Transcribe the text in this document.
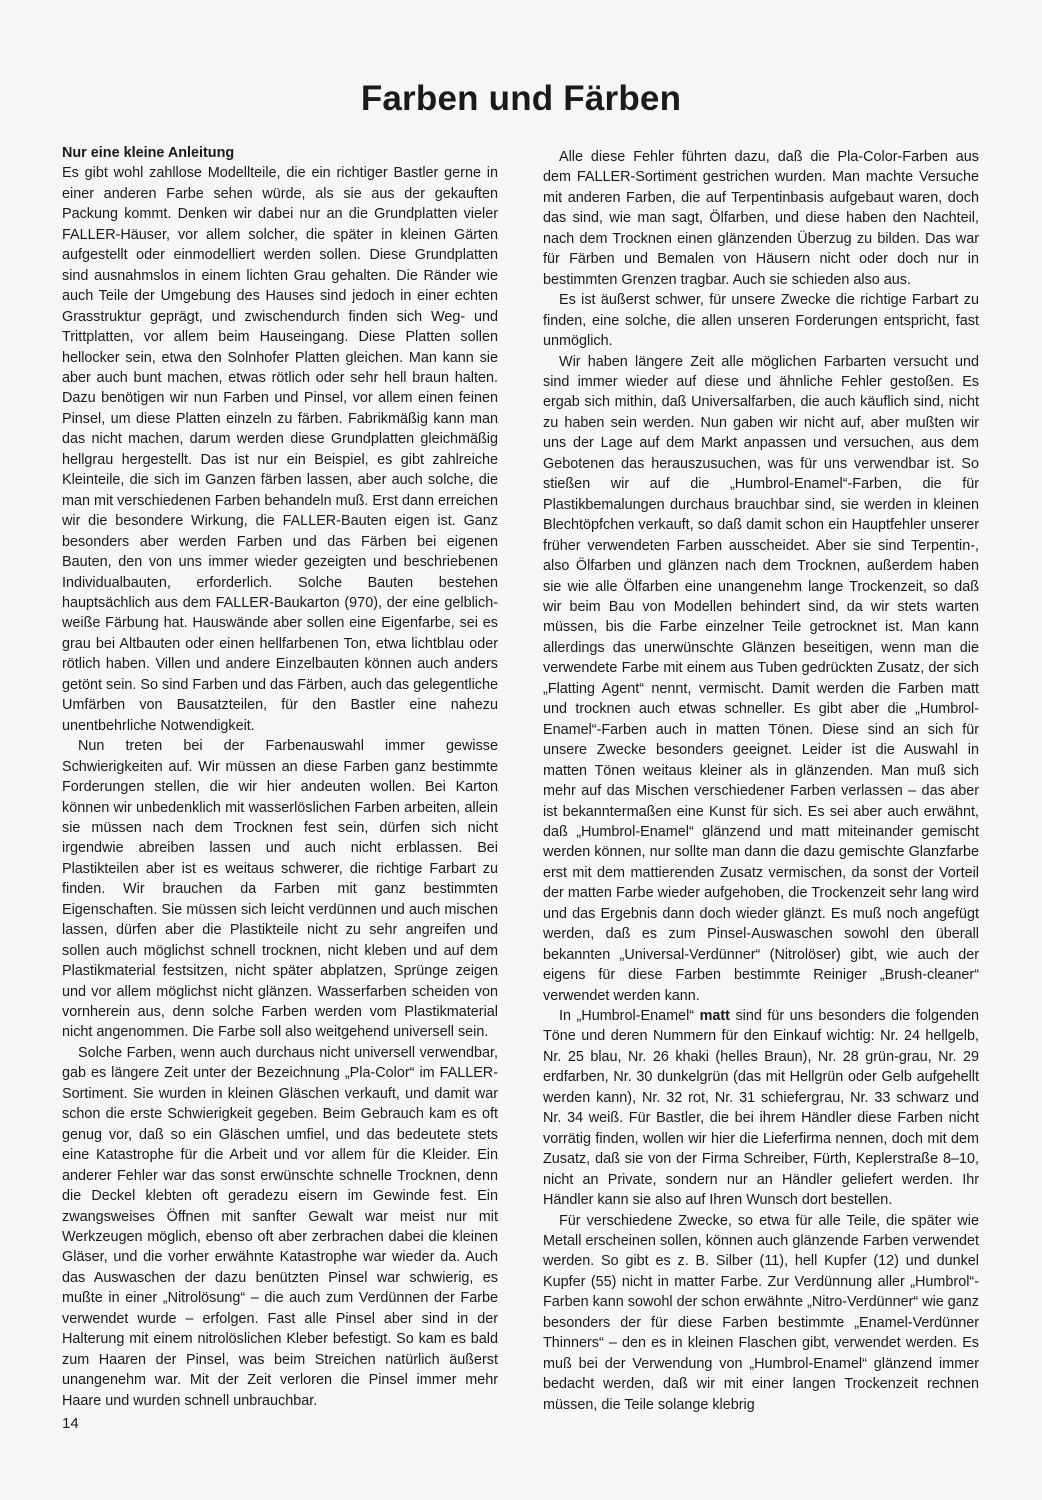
Farben und Färben
Nur eine kleine Anleitung

Es gibt wohl zahllose Modellteile, die ein richtiger Bastler gerne in einer anderen Farbe sehen würde, als sie aus der gekauften Packung kommt. Denken wir dabei nur an die Grundplatten vieler FALLER-Häuser, vor allem solcher, die später in kleinen Gärten aufgestellt oder einmodelliert werden sollen. Diese Grundplatten sind ausnahmslos in einem lichten Grau gehalten. Die Ränder wie auch Teile der Umgebung des Hauses sind jedoch in einer echten Grasstruktur geprägt, und zwischendurch finden sich Weg- und Trittplatten, vor allem beim Hauseingang. Diese Platten sollen hellocker sein, etwa den Solnhofer Platten gleichen. Man kann sie aber auch bunt machen, etwas rötlich oder sehr hell braun halten. Dazu benötigen wir nun Farben und Pinsel, vor allem einen feinen Pinsel, um diese Platten einzeln zu färben. Fabrikmäßig kann man das nicht machen, darum werden diese Grundplatten gleichmäßig hellgrau hergestellt. Das ist nur ein Beispiel, es gibt zahlreiche Kleinteile, die sich im Ganzen färben lassen, aber auch solche, die man mit verschiedenen Farben behandeln muß. Erst dann erreichen wir die besondere Wirkung, die FALLER-Bauten eigen ist. Ganz besonders aber werden Farben und das Färben bei eigenen Bauten, den von uns immer wieder gezeigten und beschriebenen Individualbauten, erforderlich. Solche Bauten bestehen hauptsächlich aus dem FALLER-Baukarton (970), der eine gelblich-weiße Färbung hat. Hauswände aber sollen eine Eigenfarbe, sei es grau bei Altbauten oder einen hellfarbenen Ton, etwa lichtblau oder rötlich haben. Villen und andere Einzelbauten können auch anders getönt sein. So sind Farben und das Färben, auch das gelegentliche Umfärben von Bausatzteilen, für den Bastler eine nahezu unentbehrliche Notwendigkeit.

Nun treten bei der Farbenauswahl immer gewisse Schwierigkeiten auf. Wir müssen an diese Farben ganz bestimmte Forderungen stellen, die wir hier andeuten wollen. Bei Karton können wir unbedenklich mit wasserlöslichen Farben arbeiten, allein sie müssen nach dem Trocknen fest sein, dürfen sich nicht irgendwie abreiben lassen und auch nicht erblassen. Bei Plastikteilen aber ist es weitaus schwerer, die richtige Farbart zu finden. Wir brauchen da Farben mit ganz bestimmten Eigenschaften. Sie müssen sich leicht verdünnen und auch mischen lassen, dürfen aber die Plastikteile nicht zu sehr angreifen und sollen auch möglichst schnell trocknen, nicht kleben und auf dem Plastikmaterial festsitzen, nicht später abplatzen, Sprünge zeigen und vor allem möglichst nicht glänzen. Wasserfarben scheiden von vornherein aus, denn solche Farben werden vom Plastikmaterial nicht angenommen. Die Farbe soll also weitgehend universell sein.

Solche Farben, wenn auch durchaus nicht universell verwendbar, gab es längere Zeit unter der Bezeichnung „Pla-Color“ im FALLER-Sortiment. Sie wurden in kleinen Gläschen verkauft, und damit war schon die erste Schwierigkeit gegeben. Beim Gebrauch kam es oft genug vor, daß so ein Gläschen umfiel, und das bedeutete stets eine Katastrophe für die Arbeit und vor allem für die Kleider. Ein anderer Fehler war das sonst erwünschte schnelle Trocknen, denn die Deckel klebten oft geradezu eisern im Gewinde fest. Ein zwangsweises Öffnen mit sanfter Gewalt war meist nur mit Werkzeugen möglich, ebenso oft aber zerbrachen dabei die kleinen Gläser, und die vorher erwähnte Katastrophe war wieder da. Auch das Auswaschen der dazu benützten Pinsel war schwierig, es mußte in einer „Nitrolösung“ – die auch zum Verdünnen der Farbe verwendet wurde – erfolgen. Fast alle Pinsel aber sind in der Halterung mit einem nitrolöslichen Kleber befestigt. So kam es bald zum Haaren der Pinsel, was beim Streichen natürlich äußerst unangenehm war. Mit der Zeit verloren die Pinsel immer mehr Haare und wurden schnell unbrauchbar.

Alle diese Fehler führten dazu, daß die Pla-Color-Farben aus dem FALLER-Sortiment gestrichen wurden. Man machte Versuche mit anderen Farben, die auf Terpentinbasis aufgebaut waren, doch das sind, wie man sagt, Ölfarben, und diese haben den Nachteil, nach dem Trocknen einen glänzenden Überzug zu bilden. Das war für Färben und Bemalen von Häusern nicht oder doch nur in bestimmten Grenzen tragbar. Auch sie schieden also aus.

Es ist äußerst schwer, für unsere Zwecke die richtige Farbart zu finden, eine solche, die allen unseren Forderungen entspricht, fast unmöglich.

Wir haben längere Zeit alle möglichen Farbarten versucht und sind immer wieder auf diese und ähnliche Fehler gestoßen. Es ergab sich mithin, daß Universalfarben, die auch käuflich sind, nicht zu haben sein werden. Nun gaben wir nicht auf, aber mußten wir uns der Lage auf dem Markt anpassen und versuchen, aus dem Gebotenen das herauszusuchen, was für uns verwendbar ist. So stießen wir auf die „Humbrol-Enamel“-Farben, die für Plastikbemalungen durchaus brauchbar sind, sie werden in kleinen Blechtöpfchen verkauft, so daß damit schon ein Hauptfehler unserer früher verwendeten Farben ausscheidet. Aber sie sind Terpentin-, also Ölfarben und glänzen nach dem Trocknen, außerdem haben sie wie alle Ölfarben eine unangenehm lange Trockenzeit, so daß wir beim Bau von Modellen behindert sind, da wir stets warten müssen, bis die Farbe einzelner Teile getrocknet ist. Man kann allerdings das unerwünschte Glänzen beseitigen, wenn man die verwendete Farbe mit einem aus Tuben gedrückten Zusatz, der sich „Flatting Agent“ nennt, vermischt. Damit werden die Farben matt und trocknen auch etwas schneller. Es gibt aber die „Humbrol-Enamel“-Farben auch in matten Tönen. Diese sind an sich für unsere Zwecke besonders geeignet. Leider ist die Auswahl in matten Tönen weitaus kleiner als in glänzenden. Man muß sich mehr auf das Mischen verschiedener Farben verlassen – das aber ist bekanntermaßen eine Kunst für sich. Es sei aber auch erwähnt, daß „Humbrol-Enamel“ glänzend und matt miteinander gemischt werden können, nur sollte man dann die dazu gemischte Glanzfarbe erst mit dem mattierenden Zusatz vermischen, da sonst der Vorteil der matten Farbe wieder aufgehoben, die Trockenzeit sehr lang wird und das Ergebnis dann doch wieder glänzt. Es muß noch angefügt werden, daß es zum Pinsel-Auswaschen sowohl den überall bekannten „Universal-Verdünner“ (Nitrolöser) gibt, wie auch der eigens für diese Farben bestimmte Reiniger „Brush-cleaner“ verwendet werden kann.

In „Humbrol-Enamel“ matt sind für uns besonders die folgenden Töne und deren Nummern für den Einkauf wichtig: Nr. 24 hellgelb, Nr. 25 blau, Nr. 26 khaki (helles Braun), Nr. 28 grün-grau, Nr. 29 erdfarben, Nr. 30 dunkelgrün (das mit Hellgrün oder Gelb aufgehellt werden kann), Nr. 32 rot, Nr. 31 schiefergrau, Nr. 33 schwarz und Nr. 34 weiß. Für Bastler, die bei ihrem Händler diese Farben nicht vorrätig finden, wollen wir hier die Lieferfirma nennen, doch mit dem Zusatz, daß sie von der Firma Schreiber, Fürth, Keplerstraße 8–10, nicht an Private, sondern nur an Händler geliefert werden. Ihr Händler kann sie also auf Ihren Wunsch dort bestellen.

Für verschiedene Zwecke, so etwa für alle Teile, die später wie Metall erscheinen sollen, können auch glänzende Farben verwendet werden. So gibt es z. B. Silber (11), hell Kupfer (12) und dunkel Kupfer (55) nicht in matter Farbe. Zur Verdünnung aller „Humbrol“-Farben kann sowohl der schon erwähnte „Nitro-Verdünner“ wie ganz besonders der für diese Farben bestimmte „Enamel-Verdünner Thinners“ – den es in kleinen Flaschen gibt, verwendet werden. Es muß bei der Verwendung von „Humbrol-Enamel“ glänzend immer bedacht werden, daß wir mit einer langen Trockenzeit rechnen müssen, die Teile solange klebrig

14
